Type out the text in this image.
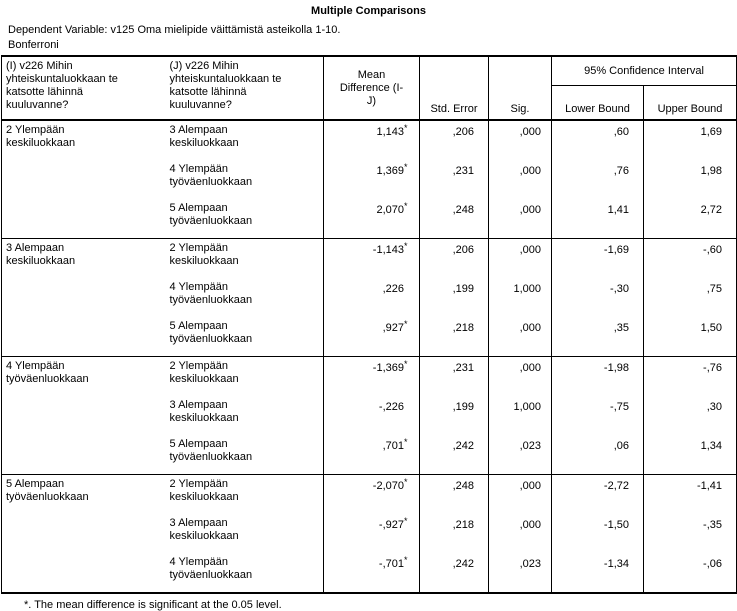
Multiple Comparisons
Dependent Variable: v125 Oma mielipide väittämistä asteikolla 1-10.
Bonferroni
(I) v226 Mihin yhteiskuntaluokkaan te katsotte lähinnä kuuluvanne?	(J) v226 Mihin yhteiskuntaluokkaan te katsotte lähinnä kuuluvanne?	Mean Difference (I-J)	Std. Error	Sig.	95% Confidence Interval	
					Lower Bound	Upper Bound
2 Ylempään keskiluokkaan	3 Alempaan keskiluokkaan	1,143*	,206	,000	,60	1,69
	4 Ylempään työväenluokkaan	1,369*	,231	,000	,76	1,98
	5 Alempaan työväenluokkaan	2,070*	,248	,000	1,41	2,72
3 Alempaan keskiluokkaan	2 Ylempään keskiluokkaan	-1,143*	,206	,000	-1,69	-,60
	4 Ylempään työväenluokkaan	,226	,199	1,000	-,30	,75
	5 Alempaan työväenluokkaan	,927*	,218	,000	,35	1,50
4 Ylempään työväenluokkaan	2 Ylempään keskiluokkaan	-1,369*	,231	,000	-1,98	-,76
	3 Alempaan keskiluokkaan	-,226	,199	1,000	-,75	,30
	5 Alempaan työväenluokkaan	,701*	,242	,023	,06	1,34
5 Alempaan työväenluokkaan	2 Ylempään keskiluokkaan	-2,070*	,248	,000	-2,72	-1,41
	3 Alempaan keskiluokkaan	-,927*	,218	,000	-1,50	-,35
	4 Ylempään työväenluokkaan	-,701*	,242	,023	-1,34	-,06
*. The mean difference is significant at the 0.05 level.
